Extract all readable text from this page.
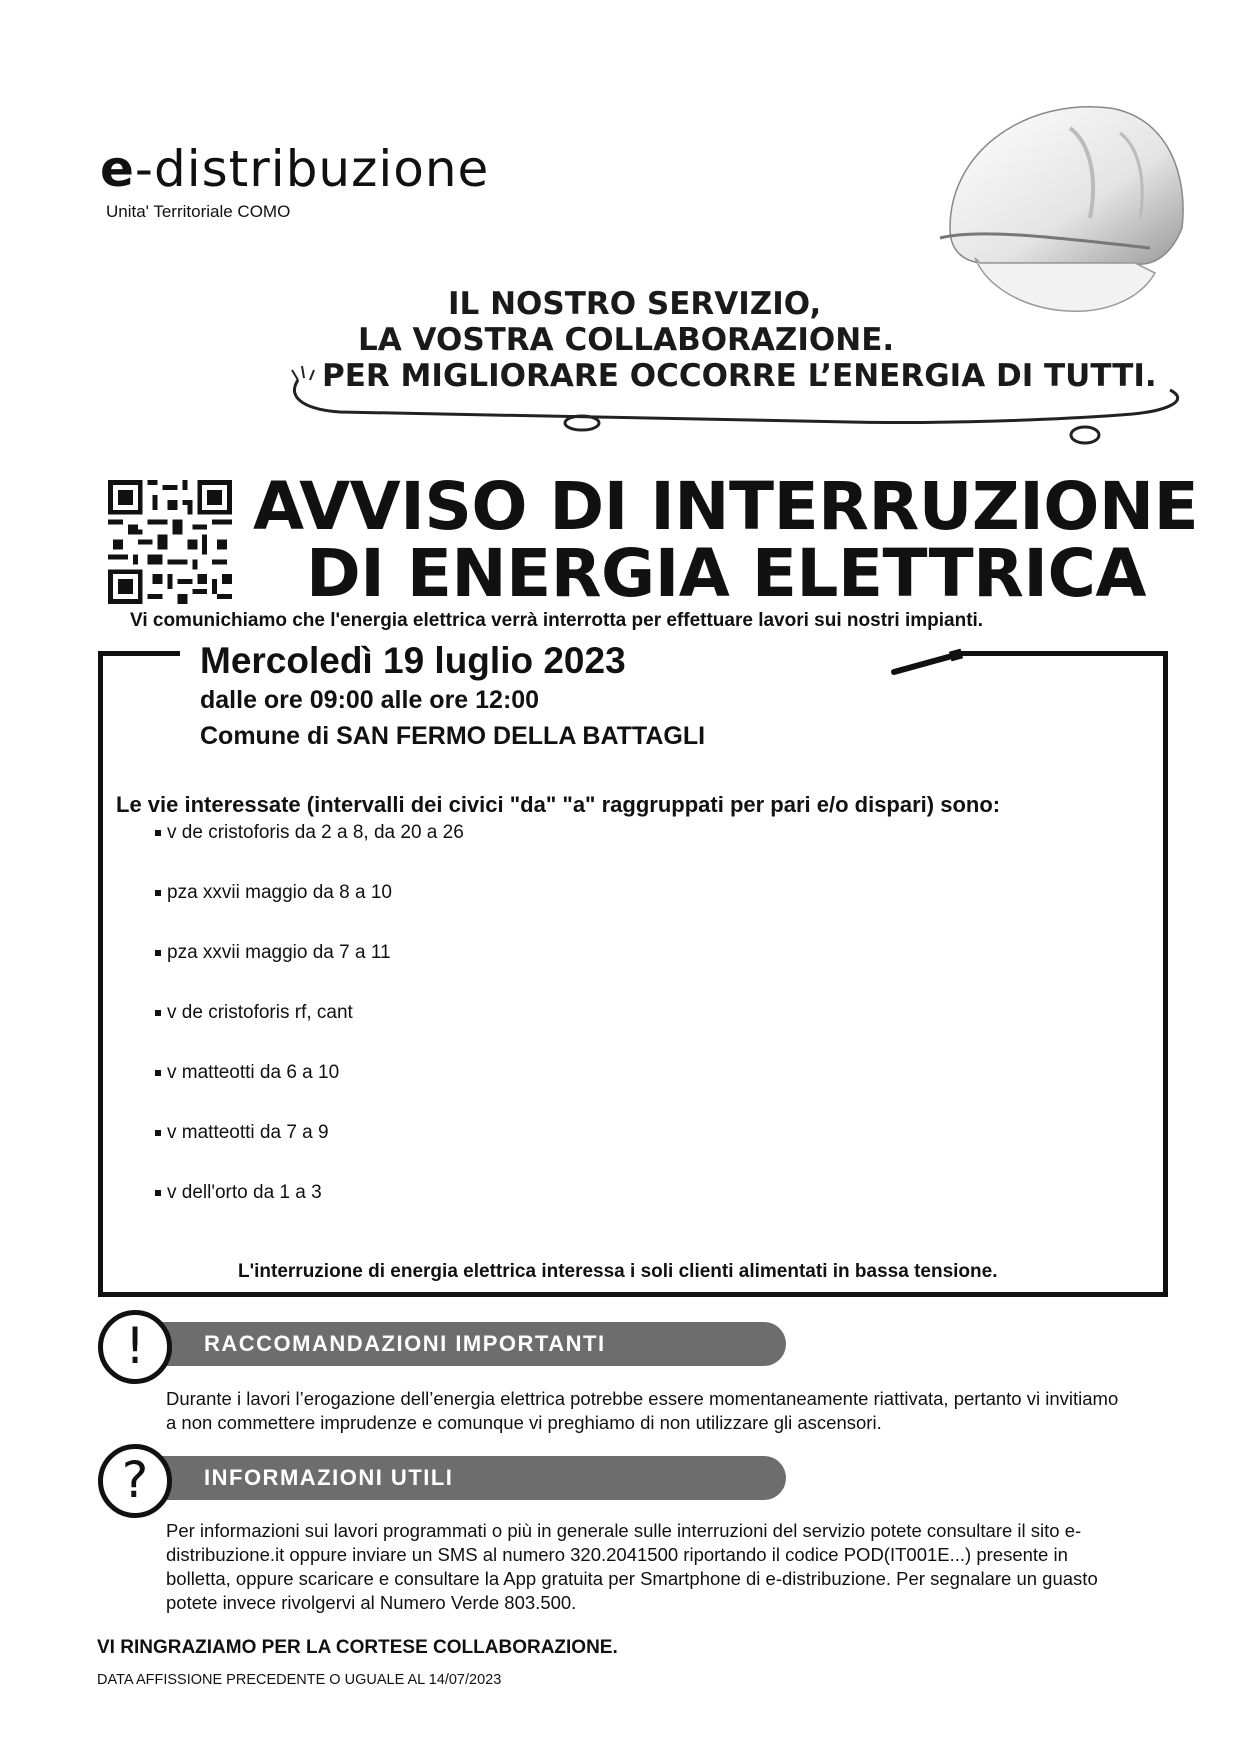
e-distribuzione
Unita' Territoriale COMO
IL NOSTRO SERVIZIO,
LA VOSTRA COLLABORAZIONE.
PER MIGLIORARE OCCORRE L’ENERGIA DI TUTTI.
AVVISO DI INTERRUZIONE
DI ENERGIA ELETTRICA
Vi comunichiamo che l'energia elettrica verrà interrotta per effettuare lavori sui nostri impianti.
Mercoledì 19 luglio 2023
dalle ore 09:00 alle ore 12:00
Comune di SAN FERMO DELLA BATTAGLI
Le vie interessate (intervalli dei civici "da" "a" raggruppati per pari e/o dispari) sono:
v de cristoforis da 2 a 8, da 20 a 26
pza xxvii maggio da 8 a 10
pza xxvii maggio da 7 a 11
v de cristoforis rf, cant
v matteotti da 6 a 10
v matteotti da 7 a 9
v dell'orto da 1 a 3
L'interruzione di energia elettrica interessa i soli clienti alimentati in bassa tensione.
!	RACCOMANDAZIONI IMPORTANTI
Durante i lavori l’erogazione dell’energia elettrica potrebbe essere momentaneamente riattivata, pertanto vi invitiamo a non commettere imprudenze e comunque vi preghiamo di non utilizzare gli ascensori.
?	INFORMAZIONI UTILI
Per informazioni sui lavori programmati o più in generale sulle interruzioni del servizio potete consultare il sito e-distribuzione.it oppure inviare un SMS al numero 320.2041500 riportando il codice POD(IT001E...) presente in bolletta, oppure scaricare e consultare la App gratuita per Smartphone di e-distribuzione. Per segnalare un guasto potete invece rivolgervi al Numero Verde 803.500.
VI RINGRAZIAMO PER LA CORTESE COLLABORAZIONE.
DATA AFFISSIONE PRECEDENTE O UGUALE AL 14/07/2023
